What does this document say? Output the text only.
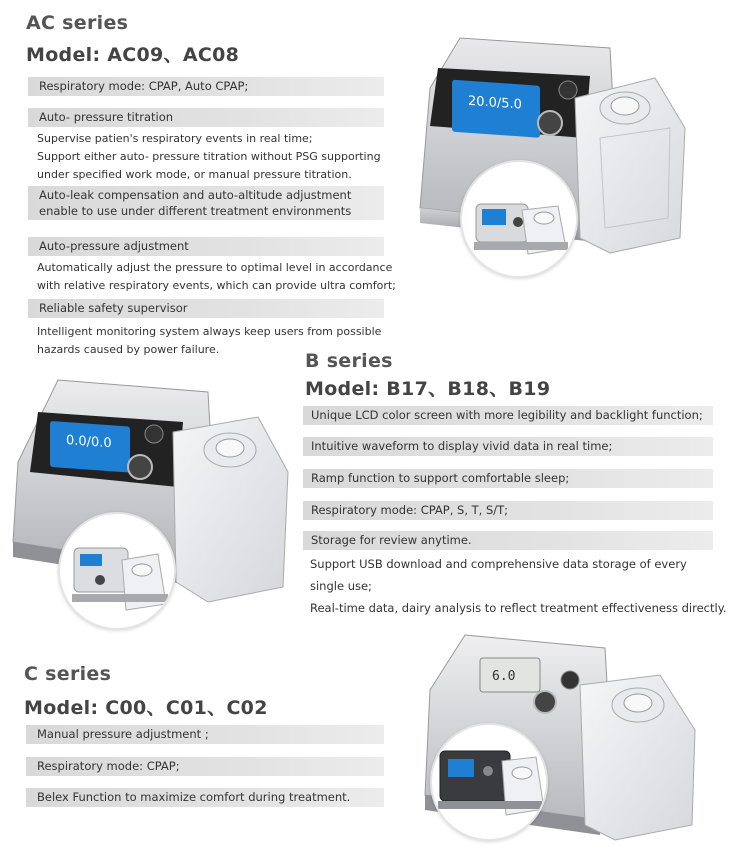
AC series
Model: AC09、AC08
Respiratory mode: CPAP, Auto CPAP;
Auto- pressure titration
Supervise patien's respiratory events in real time;
Support either auto- pressure titration without PSG supporting
under specified work mode, or manual pressure titration.
Auto-leak compensation and auto-altitude adjustment
enable to use under different treatment environments
Auto-pressure adjustment
Automatically adjust the pressure to optimal level in accordance
with relative respiratory events, which can provide ultra comfort;
Reliable safety supervisor
Intelligent monitoring system always keep users from possible
hazards caused by power failure.
20.0/5.0
B series
Model: B17、B18、B19
Unique LCD color screen with more legibility and backlight function;
Intuitive waveform to display vivid data in real time;
Ramp function to support comfortable sleep;
Respiratory mode: CPAP, S, T, S/T;
Storage for review anytime.
Support USB download and comprehensive data storage of every
single use;
Real-time data, dairy analysis to reflect treatment effectiveness directly.
0.0/0.0
C series
Model: C00、C01、C02
Manual pressure adjustment ;
Respiratory mode: CPAP;
Belex Function to maximize comfort during treatment.
6.0
